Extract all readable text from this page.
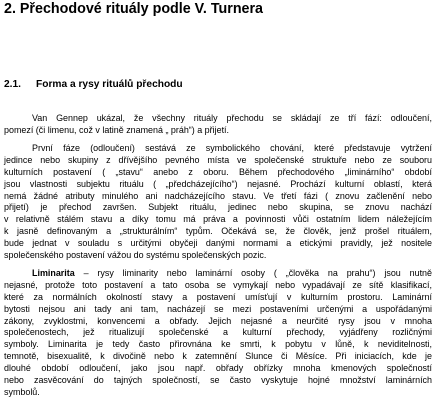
2. Přechodové rituály podle V. Turnera
2.1. Forma a rysy rituálů přechodu

Van Gennep ukázal, že všechny rituály přechodu se skládají ze tří fází: odloučení,
pomezí (či limenu, což v latině znamená „ práh“) a přijetí.

První fáze (odloučení) sestává ze symbolického chování, které představuje vytržení
jedince nebo skupiny z dřívějšího pevného místa ve společenské struktuře nebo ze souboru
kulturních postavení ( „stavu“ anebo z oboru. Během přechodového „liminárního“ období
jsou vlastnosti subjektu rituálu ( „předcházejícího“) nejasné. Prochází kulturní oblastí, která
nemá žádné atributy minulého ani nadcházejícího stavu. Ve třetí fázi ( znovu začlenění nebo
přijetí) je přechod završen. Subjekt rituálu, jedinec nebo skupina, se znovu nachází
v relativně stálém stavu a díky tomu má práva a povinnosti vůči ostatním lidem náležejícím
k jasně definovaným a „strukturálním“ typům. Očekává se, že člověk, jenž prošel rituálem,
bude jednat v souladu s určitými obyčeji danými normami a etickými pravidly, jež nositele
společenského postavení vážou do systému společenských pozic.

Liminarita – rysy liminarity nebo laminární osoby ( „člověka na prahu“) jsou nutně
nejasné, protože toto postavení a tato osoba se vymykají nebo vypadávají ze sítě klasifikací,
které za normálních okolností stavy a postavení umísťují v kulturním prostoru. Laminární
bytosti nejsou ani tady ani tam, nacházejí se mezi postaveními určenými a uspořádanými
zákony, zvyklostmi, konvencemi a obřady. Jejich nejasné a neurčité rysy jsou v mnoha
společenostech, jež ritualizují společenské a kulturní přechody, vyjádřeny rozličnými
symboly. Liminarita je tedy často přirovnána ke smrti, k pobytu v lůně, k neviditelnosti,
temnotě, bisexualitě, k divočině nebo k zatemnění Slunce či Měsíce. Při iniciacích, kde je
dlouhé období odloučení, jako jsou např. obřady obřízky mnoha kmenových společností
nebo zasvěcování do tajných společností, se často vyskytuje hojné množství laminárních
symbolů.
